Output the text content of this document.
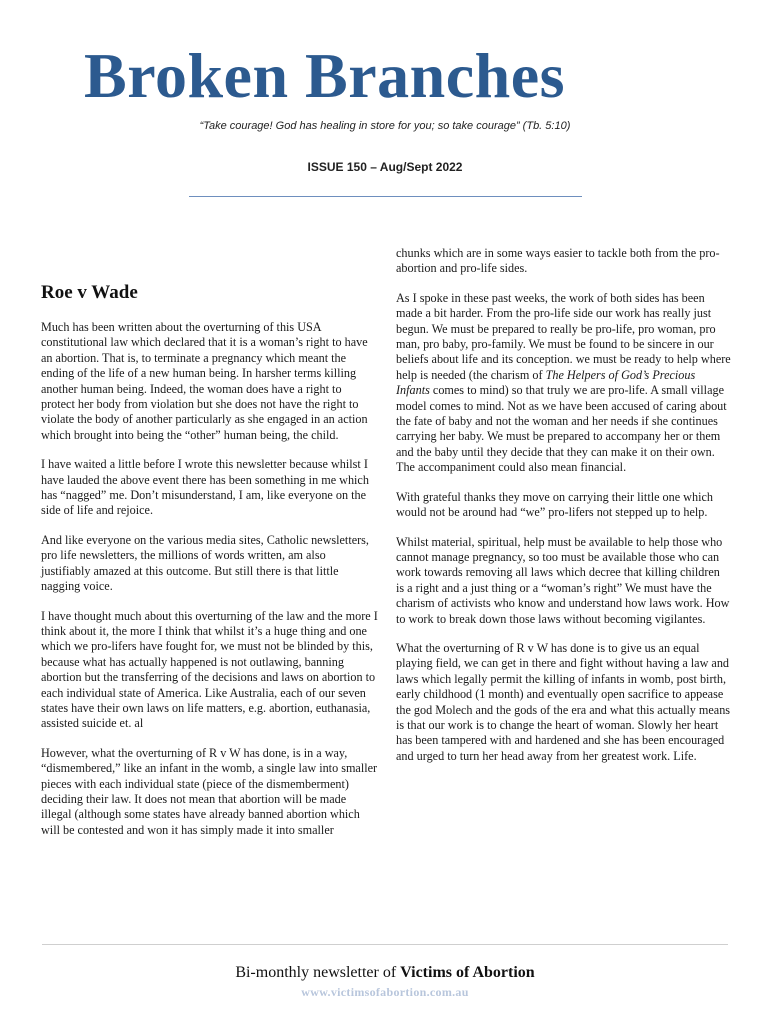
Broken Branches
“Take courage! God has healing in store for you; so take courage” (Tb. 5:10)
ISSUE 150 – Aug/Sept 2022
Roe v Wade

Much has been written about the overturning of this USA constitutional law which declared that it is a woman’s right to have an abortion. That is, to terminate a pregnancy which meant the ending of the life of a new human being. In harsher terms killing another human being. Indeed, the woman does have a right to protect her body from violation but she does not have the right to violate the body of another particularly as she engaged in an action which brought into being the “other” human being, the child.

I have waited a little before I wrote this newsletter because whilst I have lauded the above event there has been something in me which has “nagged” me. Don’t misunderstand, I am, like everyone on the side of life and rejoice.

And like everyone on the various media sites, Catholic newsletters, pro life newsletters, the millions of words written, am also justifiably amazed at this outcome. But still there is that little nagging voice.

I have thought much about this overturning of the law and the more I think about it, the more I think that whilst it’s a huge thing and one which we pro-lifers have fought for, we must not be blinded by this, because what has actually happened is not outlawing, banning abortion but the transferring of the decisions and laws on abortion to each individual state of America. Like Australia, each of our seven states have their own laws on life matters, e.g. abortion, euthanasia, assisted suicide et. al

However, what the overturning of R v W has done, is in a way, “dismembered,” like an infant in the womb, a single law into smaller pieces with each individual state (piece of the dismemberment) deciding their law. It does not mean that abortion will be made illegal (although some states have already banned abortion which will be contested and won it has simply made it into smaller

chunks which are in some ways easier to tackle both from the pro-abortion and pro-life sides.

As I spoke in these past weeks, the work of both sides has been made a bit harder. From the pro-life side our work has really just begun. We must be prepared to really be pro-life, pro woman, pro man, pro baby, pro-family. We must be found to be sincere in our beliefs about life and its conception. we must be ready to help where help is needed (the charism of The Helpers of God’s Precious Infants comes to mind) so that truly we are pro-life. A small village model comes to mind. Not as we have been accused of caring about the fate of baby and not the woman and her needs if she continues carrying her baby. We must be prepared to accompany her or them and the baby until they decide that they can make it on their own. The accompaniment could also mean financial.

With grateful thanks they move on carrying their little one which would not be around had “we” pro-lifers not stepped up to help.

Whilst material, spiritual, help must be available to help those who cannot manage pregnancy, so too must be available those who can work towards removing all laws which decree that killing children is a right and a just thing or a “woman’s right” We must have the charism of activists who know and understand how laws work. How to work to break down those laws without becoming vigilantes.

What the overturning of R v W has done is to give us an equal playing field, we can get in there and fight without having a law and laws which legally permit the killing of infants in womb, post birth, early childhood (1 month) and eventually open sacrifice to appease the god Molech and the gods of the era and what this actually means is that our work is to change the heart of woman. Slowly her heart has been tampered with and hardened and she has been encouraged and urged to turn her head away from her greatest work. Life.

Bi-monthly newsletter of Victims of Abortion
www.victimsofabortion.com.au
